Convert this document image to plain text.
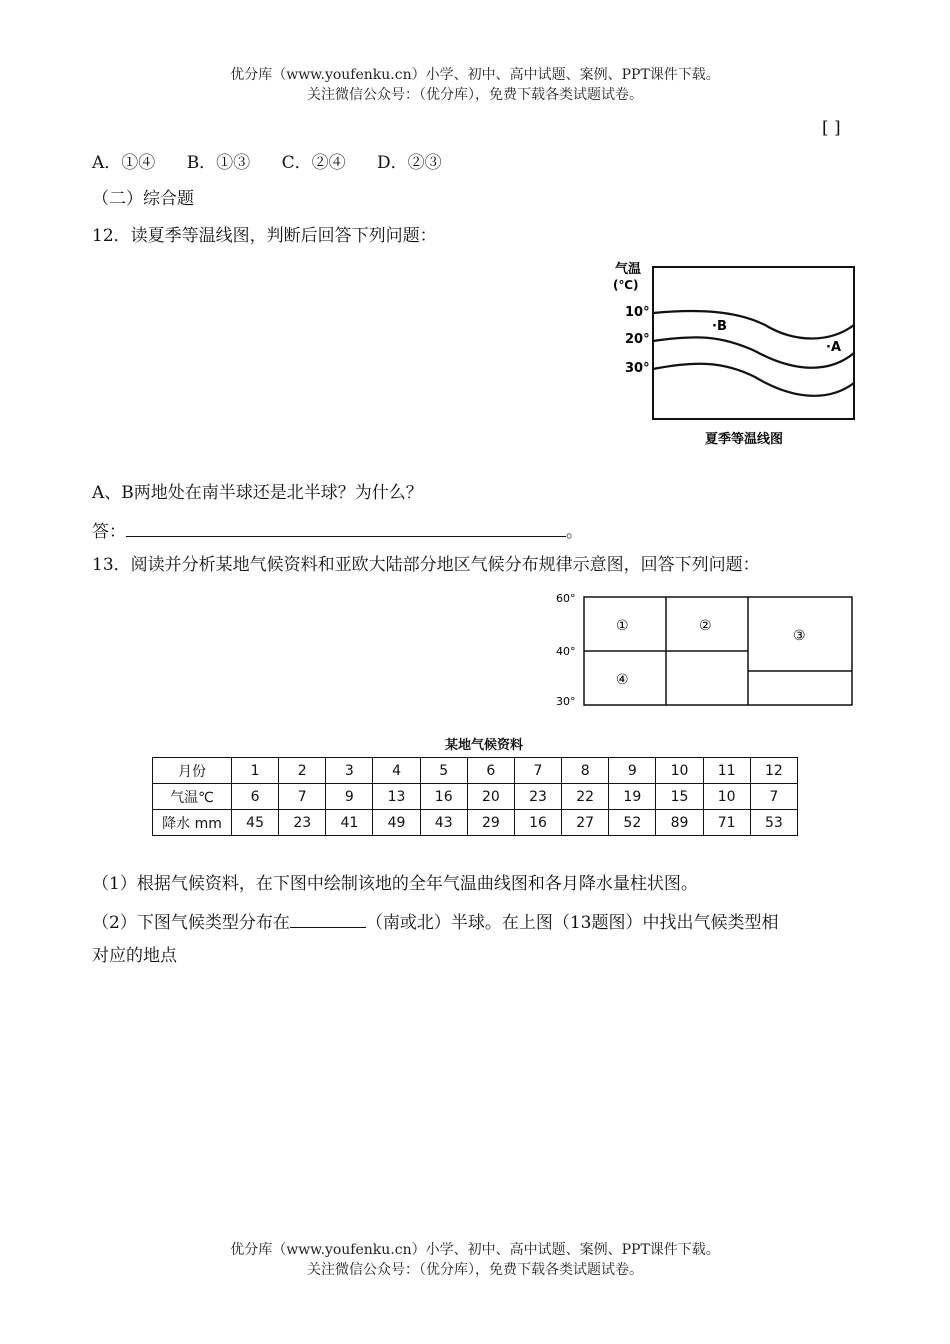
优分库（www.youfenku.cn）小学、初中、高中试题、案例、PPT课件下载。
关注微信公众号：（优分库），免费下载各类试题试卷。
[ ]
A．①④ B．①③ C．②④ D．②③
（二）综合题
12．读夏季等温线图，判断后回答下列问题：
气温
(℃)
10°
20°
30°
·B
·A
夏季等温线图
A、B两地处在南半球还是北半球？为什么？
答：	。
13．阅读并分析某地气候资料和亚欧大陆部分地区气候分布规律示意图，回答下列问题：
60°
40°
30°
①	②
③
④
某地气候资料
月份	1	2	3	4	5	6	7	8	9	10	11	12
气温℃	6	7	9	13	16	20	23	22	19	15	10	7
降水 mm	45	23	41	49	43	29	16	27	52	89	71	53
（1）根据气候资料，在下图中绘制该地的全年气温曲线图和各月降水量柱状图。
（2）下图气候类型分布在	（南或北）半球。在上图（13题图）中找出气候类型相
对应的地点
优分库（www.youfenku.cn）小学、初中、高中试题、案例、PPT课件下载。
关注微信公众号：（优分库），免费下载各类试题试卷。
